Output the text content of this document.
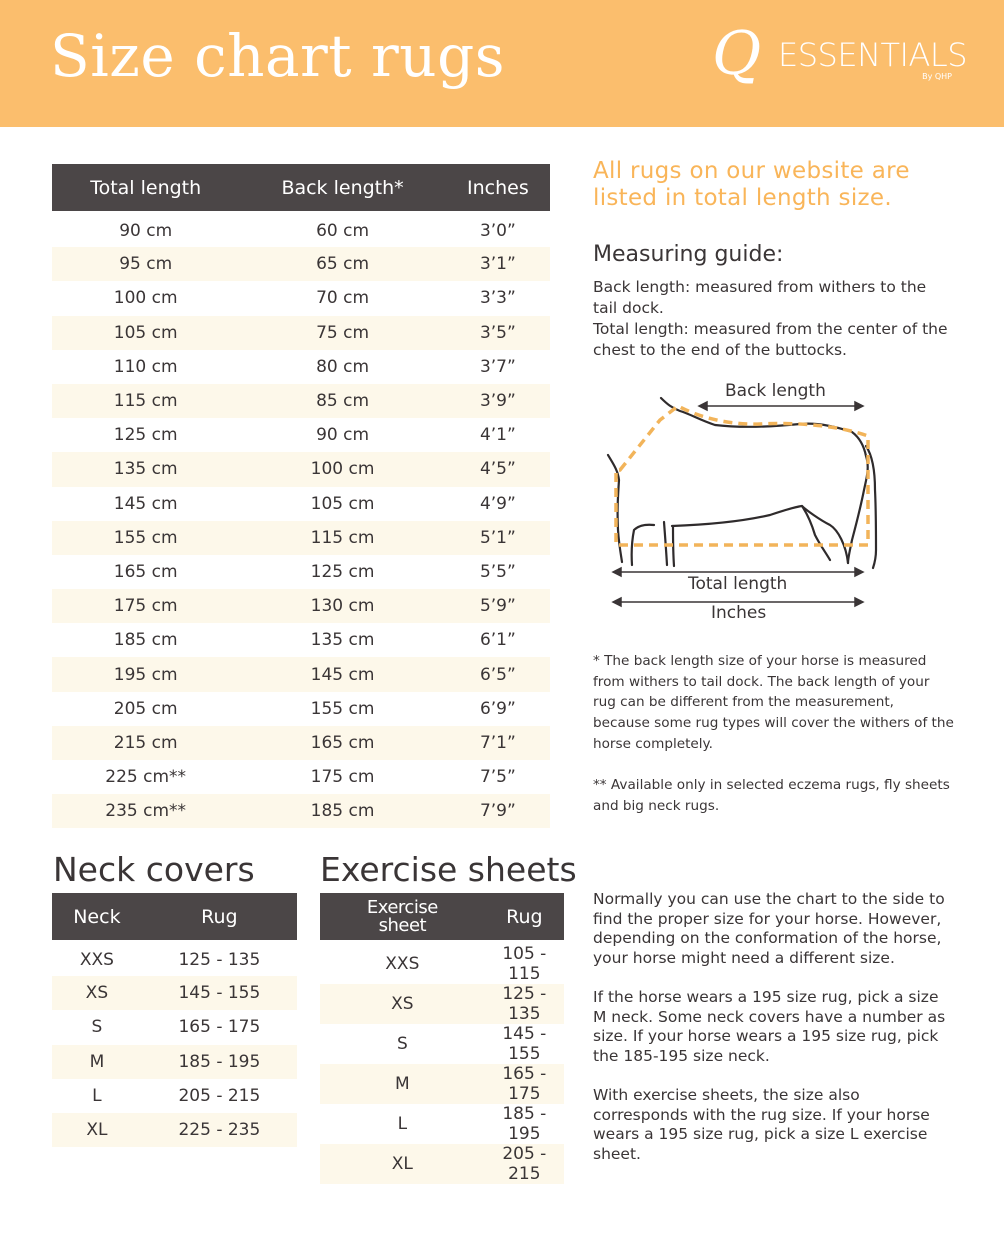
Size chart rugs	Q ESSENTIALS
By QHP
Total length	Back length*	Inches
90 cm	60 cm	3’0”
95 cm	65 cm	3’1”
100 cm	70 cm	3’3”
105 cm	75 cm	3’5”
110 cm	80 cm	3’7”
115 cm	85 cm	3’9”
125 cm	90 cm	4’1”
135 cm	100 cm	4’5”
145 cm	105 cm	4’9”
155 cm	115 cm	5’1”
165 cm	125 cm	5’5”
175 cm	130 cm	5’9”
185 cm	135 cm	6’1”
195 cm	145 cm	6’5”
205 cm	155 cm	6’9”
215 cm	165 cm	7’1”
225 cm**	175 cm	7’5”
235 cm**	185 cm	7’9”
Neck covers Exercise sheets
Neck	Rug
XXS	125 - 135
XS	145 - 155
S	165 - 175
M	185 - 195
L	205 - 215
XL	225 - 235
Exercise sheet	Rug
XXS	105 - 115
XS	125 - 135
S	145 - 155
M	165 - 175
L	185 - 195
XL	205 - 215
All rugs on our website are listed in total length size.
Measuring guide:
Back length: measured from withers to the tail dock.
Total length: measured from the center of the chest to the end of the buttocks.
Back length
Total length
Inches
* The back length size of your horse is measured from withers to tail dock. The back length of your rug can be different from the measurement, because some rug types will cover the withers of the horse completely.
** Available only in selected eczema rugs, fly sheets and big neck rugs.
Normally you can use the chart to the side to find the proper size for your horse. However, depending on the conformation of the horse, your horse might need a different size.
If the horse wears a 195 size rug, pick a size M neck. Some neck covers have a number as size. If your horse wears a 195 size rug, pick the 185-195 size neck.
With exercise sheets, the size also corresponds with the rug size. If your horse wears a 195 size rug, pick a size L exercise sheet.
